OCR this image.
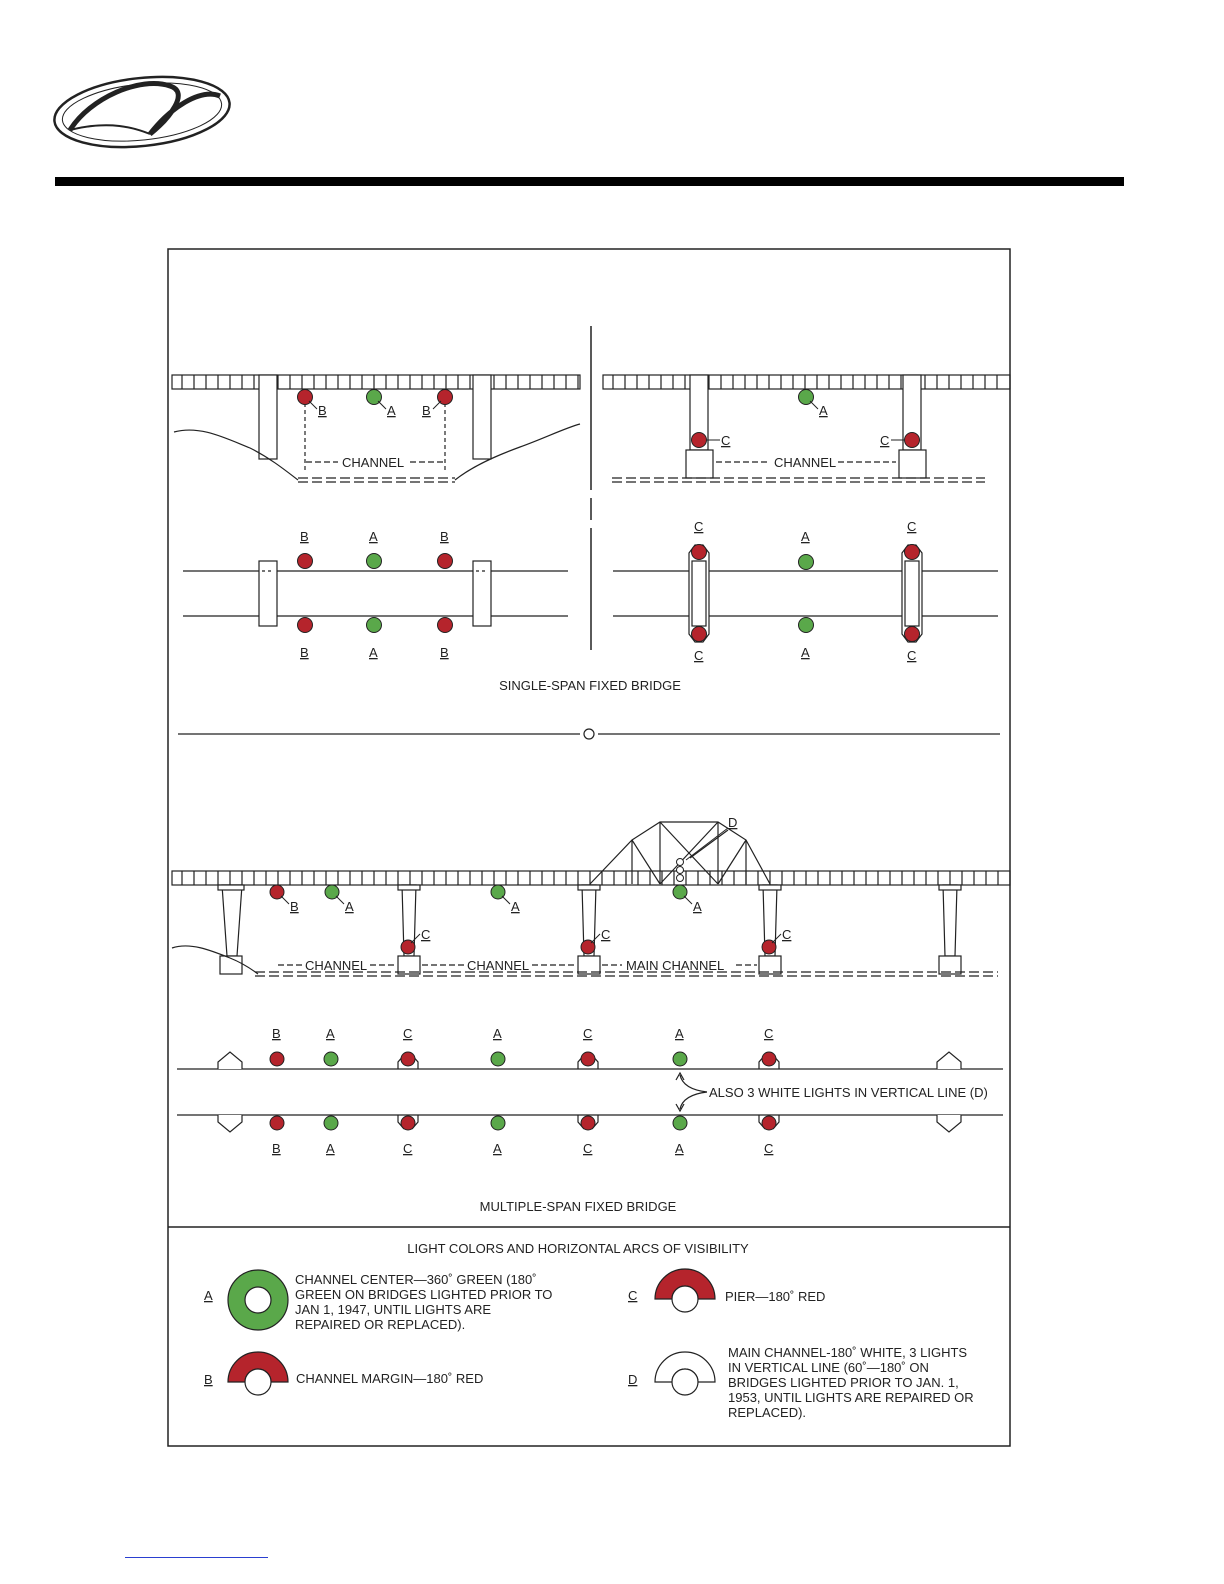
CHANNEL
B	A B
CHANNEL
A
C	C
B	A	B
B	A	B
C
A
C
C	A	C
SINGLE-SPAN FIXED BRIDGE
CHANNEL	CHANNEL	MAIN CHANNEL
B	A	A	A
C	C	C
D
B	A	C	A	C	A	C
B	A	C	A	C	A	C
ALSO 3 WHITE LIGHTS IN VERTICAL LINE (D)
MULTIPLE-SPAN FIXED BRIDGE
LIGHT COLORS AND HORIZONTAL ARCS OF VISIBILITY
A
CHANNEL CENTER—360˚ GREEN (180˚
GREEN ON BRIDGES LIGHTED PRIOR TO
JAN 1, 1947, UNTIL LIGHTS ARE
REPAIRED OR REPLACED).
B	CHANNEL MARGIN—180˚ RED
C	PIER—180˚ RED
D
MAIN CHANNEL-180˚ WHITE, 3 LIGHTS
IN VERTICAL LINE (60˚—180˚ ON
BRIDGES LIGHTED PRIOR TO JAN. 1,
1953, UNTIL LIGHTS ARE REPAIRED OR
REPLACED).
